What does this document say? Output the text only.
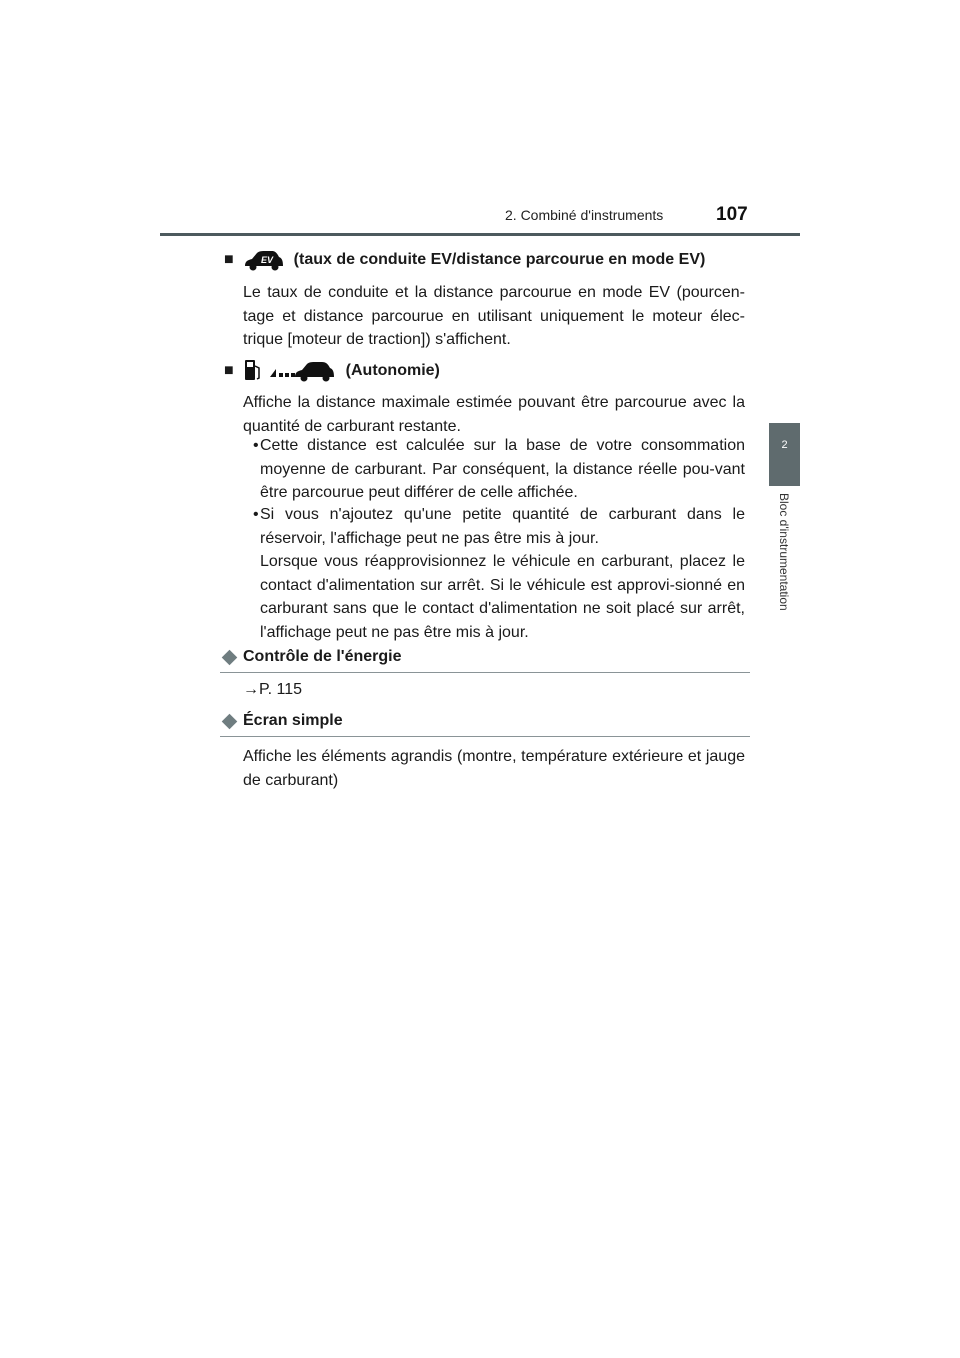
2. Combiné d'instruments	107
2
Bloc d'instrumentation
■	EV (taux de conduite EV/distance parcourue en mode EV)
Le taux de conduite et la distance parcourue en mode EV (pourcen-tage et distance parcourue en utilisant uniquement le moteur élec-trique [moteur de traction]) s'affichent.
■	(Autonomie)
Affiche la distance maximale estimée pouvant être parcourue avec la quantité de carburant restante.
• Cette distance est calculée sur la base de votre consommation moyenne de carburant. Par conséquent, la distance réelle pou-vant être parcourue peut différer de celle affichée.

• Si vous n'ajoutez qu'une petite quantité de carburant dans le réservoir, l'affichage peut ne pas être mis à jour.

Lorsque vous réapprovisionnez le véhicule en carburant, placez le contact d'alimentation sur arrêt. Si le véhicule est approvi-sionné en carburant sans que le contact d'alimentation ne soit placé sur arrêt, l'affichage peut ne pas être mis à jour.

Contrôle de l'énergie
→P. 115
Écran simple
Affiche les éléments agrandis (montre, température extérieure et jauge de carburant)
